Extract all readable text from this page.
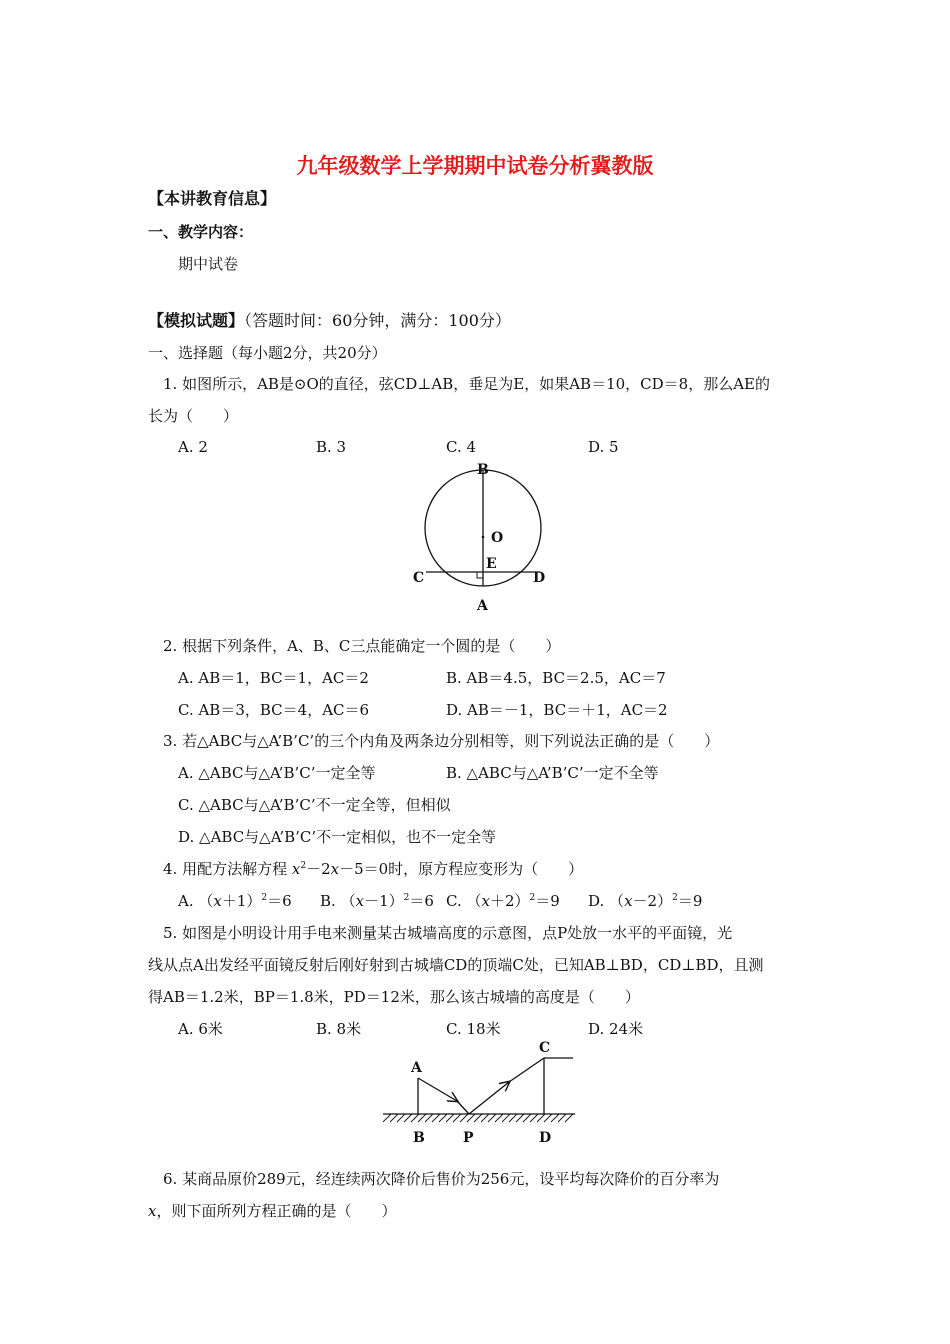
九年级数学上学期期中试卷分析冀教版
【本讲教育信息】
一、教学内容：
期中试卷
【模拟试题】（答题时间：60分钟，满分：100分）
一、选择题（每小题2分，共20分）
1. 如图所示，AB是⊙O的直径，弦CD⊥AB，垂足为E，如果AB＝10，CD＝8，那么AE的
长为（　　）
A. 2	B. 3	C. 4	D. 5
B
O
E
C	D
A
2. 根据下列条件，A、B、C三点能确定一个圆的是（　　）
A. AB＝1，BC＝1，AC＝2	B. AB＝4.5，BC＝2.5，AC＝7
C. AB＝3，BC＝4，AC＝6	D. AB＝－1，BC＝＋1，AC＝2
3. 若△ABC与△A’B’C’的三个内角及两条边分别相等，则下列说法正确的是（　　）
A. △ABC与△A’B’C’一定全等	B. △ABC与△A’B’C’一定不全等
C. △ABC与△A’B’C’不一定全等，但相似
D. △ABC与△A’B’C’不一定相似，也不一定全等
4. 用配方法解方程 $x^2-2x-5=0$时，原方程应变形为（　　）
A. $(x+1)^2=6$ B. $(x-1)^2=6$ C. $(x+2)^2=9$ D. $(x-2)^2=9$
5. 如图是小明设计用手电来测量某古城墙高度的示意图，点P处放一水平的平面镜，光
线从点A出发经平面镜反射后刚好射到古城墙CD的顶端C处，已知AB⊥BD，CD⊥BD，且测
得AB＝1.2米，BP＝1.8米，PD＝12米，那么该古城墙的高度是（　　）
A. 6米	B. 8米	C. 18米	D. 24米
A
C
B	P	D
6. 某商品原价289元，经连续两次降价后售价为256元，设平均每次降价的百分率为
x，则下面所列方程正确的是（　　）
